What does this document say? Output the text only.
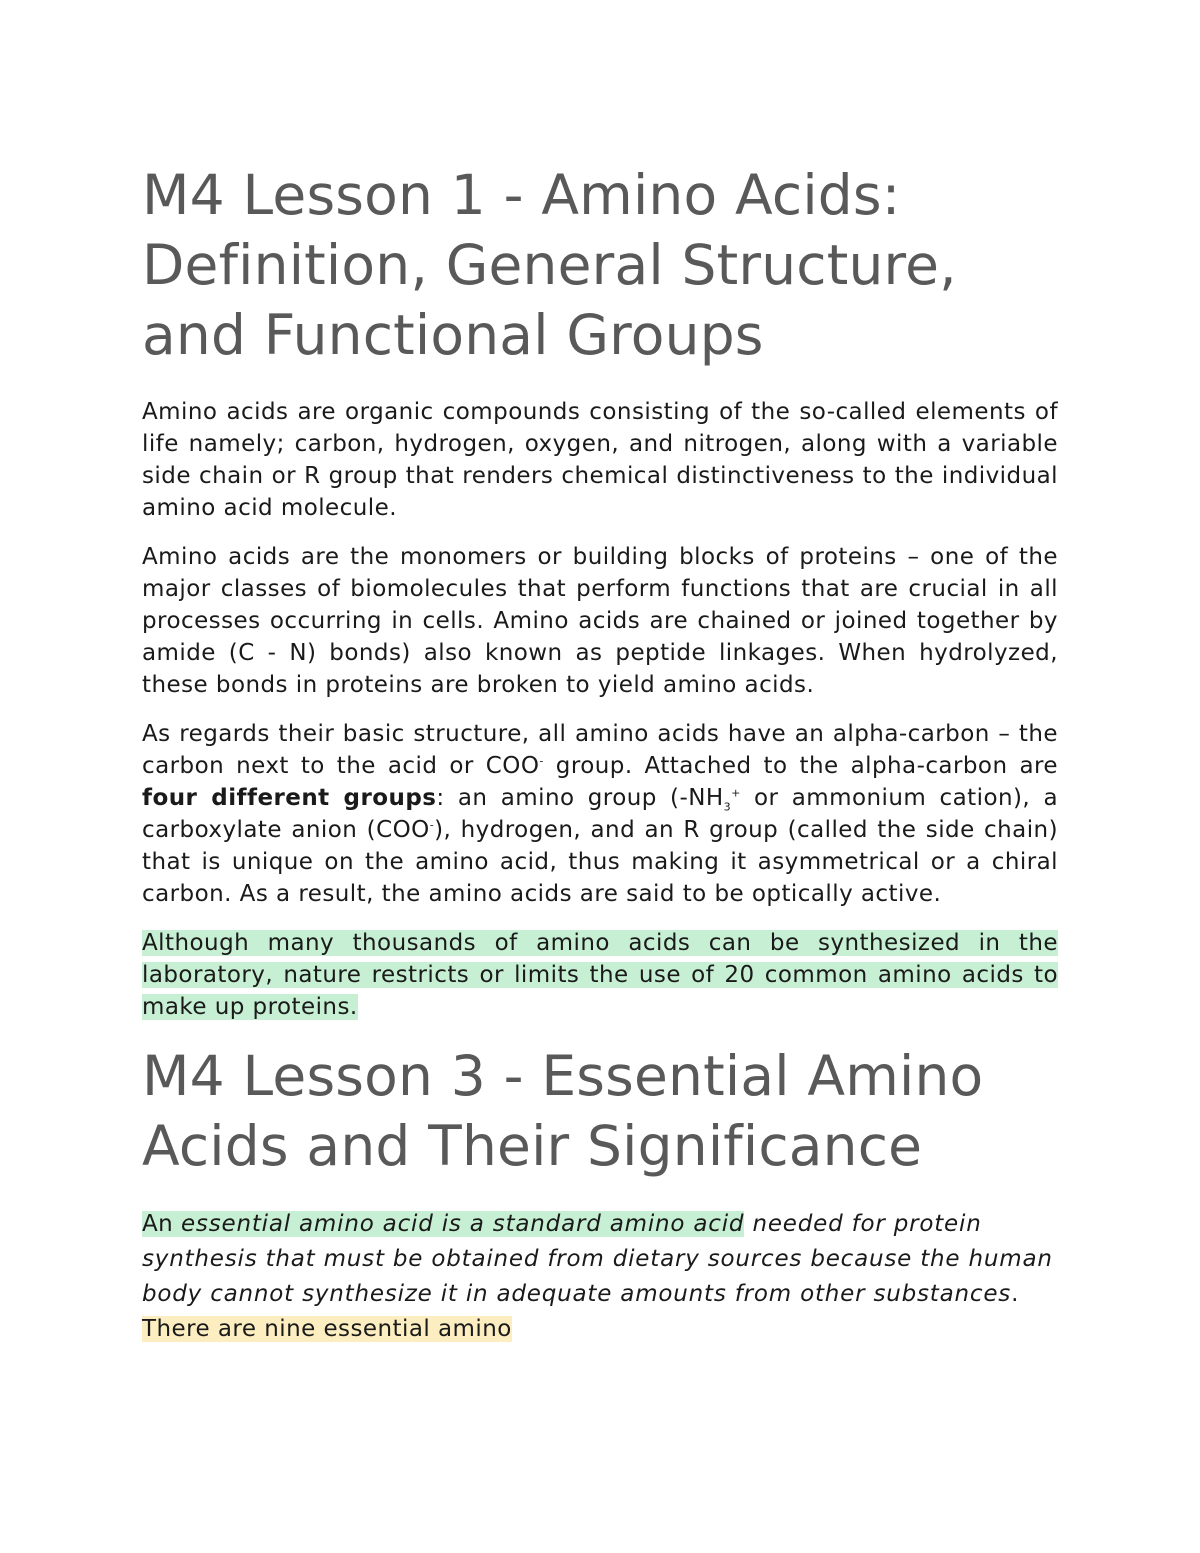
M4 Lesson 1 - Amino Acids:
Definition, General Structure,
and Functional Groups

Amino acids are organic compounds consisting of the so-called elements of life namely; carbon, hydrogen, oxygen, and nitrogen, along with a variable side chain or R group that renders chemical distinctiveness to the individual amino acid molecule.

Amino acids are the monomers or building blocks of proteins – one of the major classes of biomolecules that perform functions that are crucial in all processes occurring in cells. Amino acids are chained or joined together by amide (C - N) bonds) also known as peptide linkages. When hydrolyzed, these bonds in proteins are broken to yield amino acids.

As regards their basic structure, all amino acids have an alpha-carbon – the carbon next to the acid or COO- group. Attached to the alpha-carbon are four different groups: an amino group ($-NH_3^+$ or ammonium cation), a carboxylate anion (COO-), hydrogen, and an R group (called the side chain) that is unique on the amino acid, thus making it asymmetrical or a chiral carbon. As a result, the amino acids are said to be optically active.

Although many thousands of amino acids can be synthesized in the laboratory, nature restricts or limits the use of 20 common amino acids to make up proteins.

M4 Lesson 3 - Essential Amino
Acids and Their Significance

An essential amino acid is a standard amino acid needed for protein synthesis that must be obtained from dietary sources because the human body cannot synthesize it in adequate amounts from other substances. There are nine essential amino
